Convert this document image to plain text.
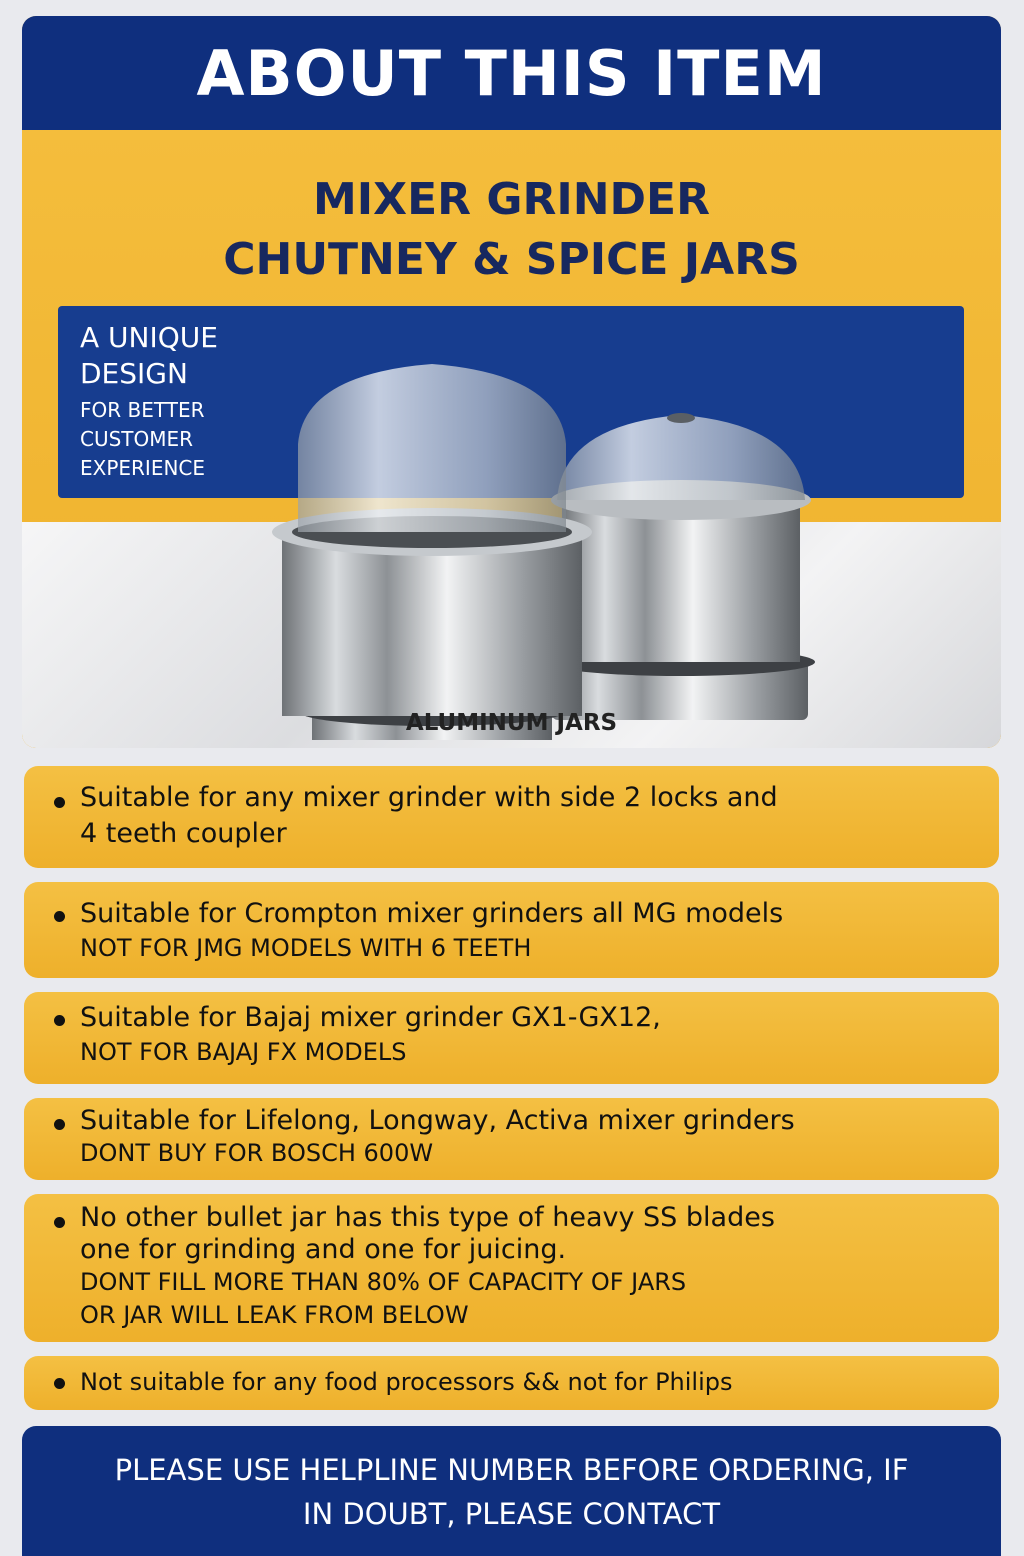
ABOUT THIS ITEM
MIXER GRINDER
CHUTNEY & SPICE JARS
A UNIQUE
DESIGN
FOR BETTER
CUSTOMER
EXPERIENCE
ALUMINUM JARS
Suitable for any mixer grinder with side 2 locks and
4 teeth coupler
Suitable for Crompton mixer grinders all MG models
NOT FOR JMG MODELS WITH 6 TEETH
Suitable for Bajaj mixer grinder GX1-GX12,
NOT FOR BAJAJ FX MODELS
Suitable for Lifelong, Longway, Activa mixer grinders
DONT BUY FOR BOSCH 600W
No other bullet jar has this type of heavy SS blades
one for grinding and one for juicing.
DONT FILL MORE THAN 80% OF CAPACITY OF JARS
OR JAR WILL LEAK FROM BELOW
Not suitable for any food processors && not for Philips
PLEASE USE HELPLINE NUMBER BEFORE ORDERING, IF
IN DOUBT, PLEASE CONTACT
